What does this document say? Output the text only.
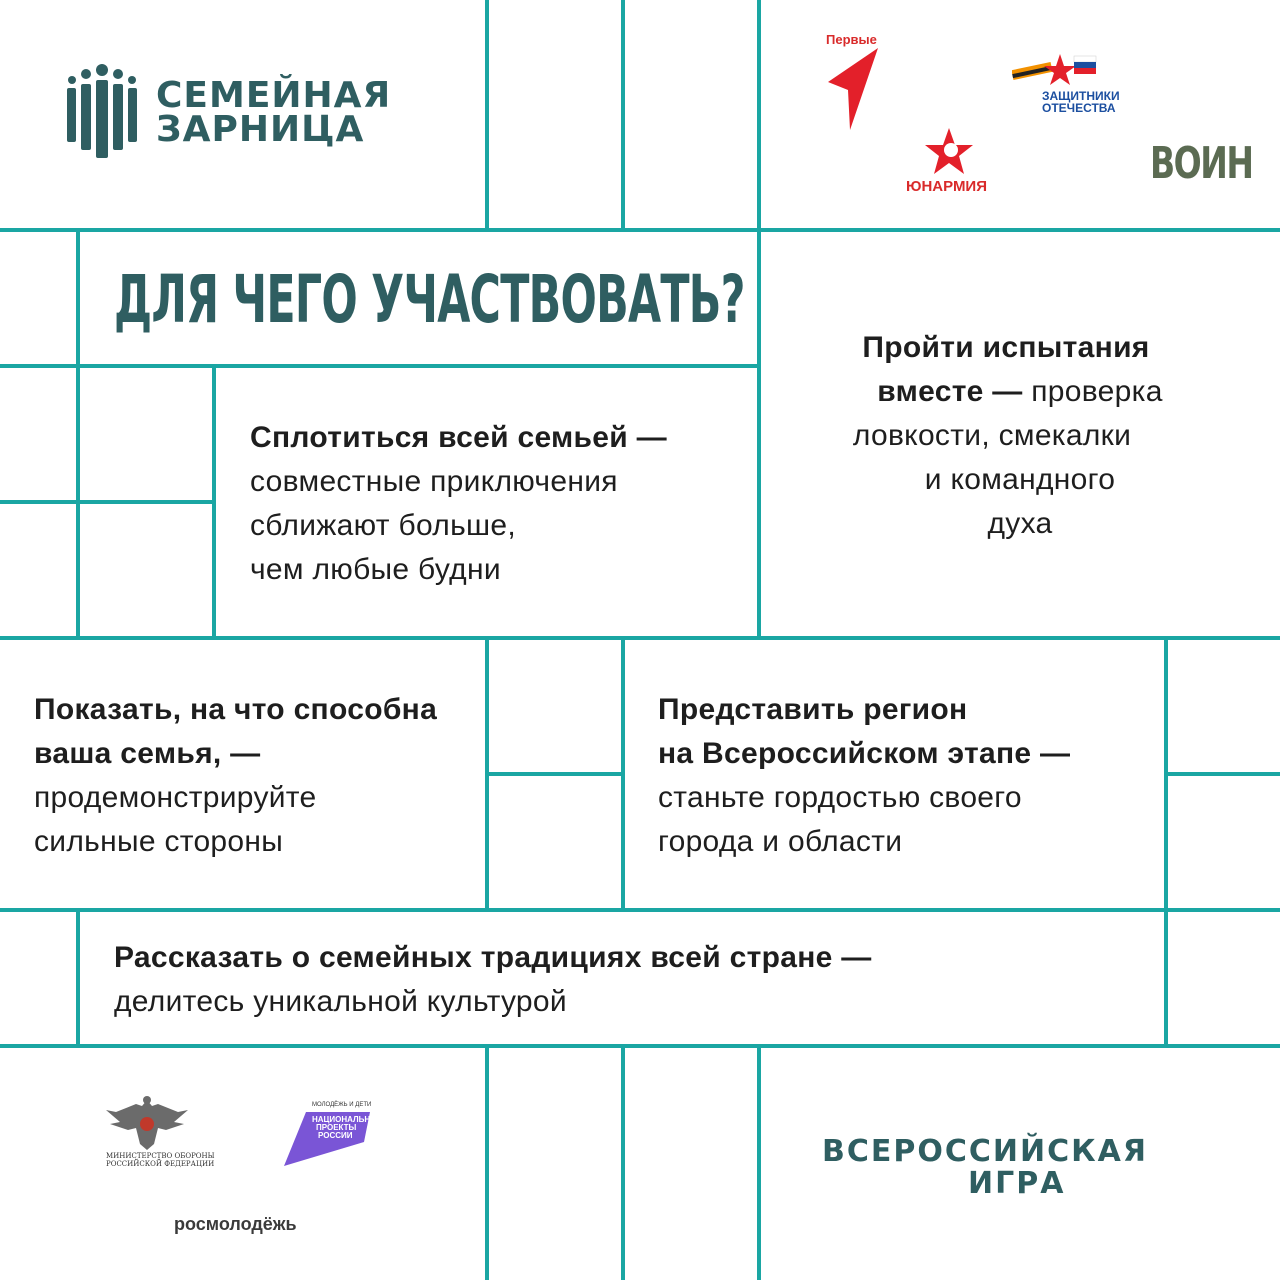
СЕМЕЙНАЯ
ЗАРНИЦА
Первые
ЗАЩИТНИКИ
ОТЕЧЕСТВА
ЮНАРМИЯ	ВОИН
ДЛЯ ЧЕГО УЧАСТВОВАТЬ?
Сплотиться всей семьей —
совместные приключения
сближают больше,
чем любые будни
Пройти испытания
вместе — проверка
ловкости, смекалки
и командного
духа
Показать, на что способна
ваша семья, —
продемонстрируйте
сильные стороны
Представить регион
на Всероссийском этапе —
станьте гордостью своего
города и области
Рассказать о семейных традициях всей стране —
делитесь уникальной культурой
МИНИСТЕРСТВО ОБОРОНЫ
РОССИЙСКОЙ ФЕДЕРАЦИИ
МОЛОДЁЖЬ И ДЕТИ
НАЦИОНАЛЬНЫЕ
ПРОЕКТЫ
РОССИИ
росмолодёжь
ВСЕРОССИЙСКАЯ
ИГРА
